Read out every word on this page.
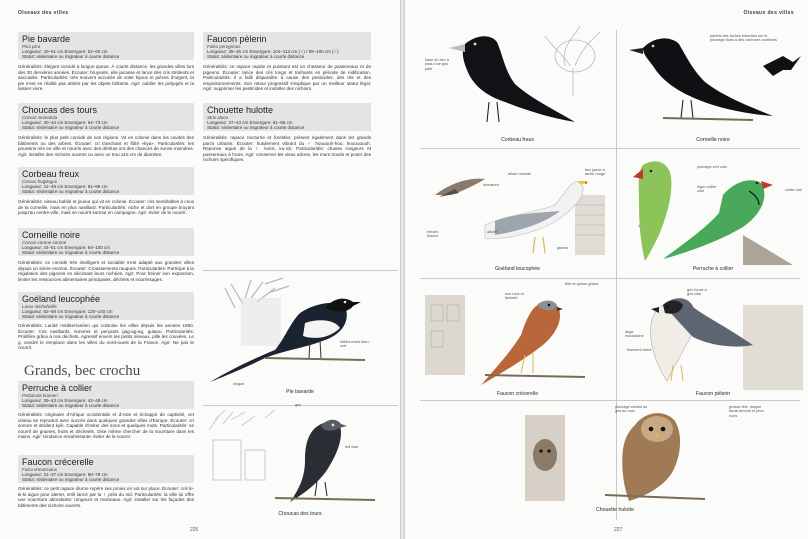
Oiseaux des villes
Pie bavarde
Pica pica
Longueur: 40–51 cm Envergure: 52–60 cm
Statut: sédentaire ou migrateur à courte distance
Généralités: élégant corvidé à longue queue. À courte distance, les grandes villes lors des 30 dernières années. Écouter: bruyante, elle jacasse et lance des cris stridents et saccadés. Particularités: très souvent accusée de voler bijoux et pièces d'argent, la pie n'est en réalité pas attirée par les objets brillants. Agir: oublier les préjugés et la laisser vivre.
Choucas des tours
Corvus monedula
Longueur: 30–34 cm Envergure: 64–73 cm
Statut: sédentaire ou migrateur à courte distance
Généralités: le plus petit corvidé de nos régions. Vit en colonie dans les cavités des bâtiments ou des arbres. Écouter: cri tranchant et flûté «kya». Particularités: les poussins nés en ville et nourris avec des détritus ont des chances de survie moindres. Agir: installer des nichoirs ouverts ou avec un trou ≥15 cm de diamètre.
Corbeau freux
Corvus frugilegus
Longueur: 41–49 cm Envergure: 81–99 cm
Statut: sédentaire ou migrateur à courte distance
Généralités: oiseau habile et joueur qui vit en colonie. Écouter: cris semblables à ceux de la corneille, mais en plus nasillard. Particularités: niche et dort en groupe bruyant jusqu'au centre-ville, mais se nourrit surtout en campagne. Agir: éviter de le nourrir.
Corneille noire
Corvus corone corone
Longueur: 44–51 cm Envergure: 84–100 cm
Statut: sédentaire ou migrateur à courte distance
Généralités: ce corvidé très intelligent et sociable s'est adapté aux grandes villes depuis un siècle environ. Écouter: Croassements rauques. Particularités: Participe à la régulation des pigeons en décimant leurs nichées. Agir: Pour freiner son expansion, limiter les ressources alimentaires principales; déchets et nourrissages.
Goéland leucophée
Larus michahellis
Longueur: 52–58 cm Envergure: 120–140 cm
Statut: sédentaire ou migrateur à courte distance
Généralités: Laridé méditerranéen qui colonise les villes depuis les années 1960. Écouter: Cris nasillards, sonores et perçants gag-ag-ag, gulaou. Particularités: Prolifère grâce à nos déchets. Agressif envers les petits oiseaux, pille les couvées. Le g. cendré le remplace dans les villes du nord-ouest de la France. Agir: Ne pas le nourrir.
Grands, bec crochu
Perruche à collier
Psittacula krameri
Longueur: 39–43 cm Envergure: 42–48 cm
Statut: sédentaire ou migrateur à courte distance
Généralités: originaire d'Afrique occidentale et d'Asie et échappé de captivité, cet oiseau se reproduit avec succès dans quelques grandes villes d'Europe. Écouter: cri sonore et strident kyik. Capable d'imiter des sons et quelques mots. Particularités: se nourrit de graines, fruits et décheels. Oise même chercher de la nourriture dans les mains. Agir: tendance envahissante: éviter de la nourrir.
Faucon crécerelle
Falco tinnunculus
Longueur: 31–37 cm Envergure: 68–78 cm
Statut: sédentaire ou migrateur à courte distance
Généralités: ce petit rapace diurne repère ses proies en vol sur place. Écouter: cris ki-ki-ki aigus pour alerter, vrrill lancé par la ♀ près du nid. Particularités: la ville lui offre une nourriture abondante: rongeurs et moineaux. Agir: installer sur les façades des bâtiments des nichoirs ouverts.
Faucon pèlerin
Falco peregrinus
Longueur: 38–45 cm Envergure: 104–113 cm (♀) / 89–100 cm (♂)
Statut: sédentaire ou migrateur à courte distance
Généralités: ce rapace rapide et puissant est un chasseur de passereaux et de pigeons. Écouter: lance des cris longs et traînants en période de nidification. Particularités: il a failli disparaître à cause des pesticides, des tirs et des empoisonnements. Son retour progressif s'explique par un meilleur statut légal. Agir: supprimer les pesticides et installer des nichoirs.
Chouette hulotte
Strix aluco
Longueur: 37–43 cm Envergure: 81–96 cm
Statut: sédentaire ou migrateur à courte distance
Généralités: rapace nocturne et forestier, présent également dans les grands parcs urbains. Écouter: hululement vibrant du ♂ houuouh-hou, houououuh. Réponse aiguë de la ♀ kvick, ku-ick. Particularités: chasse rongeurs et passereaux à l'ouïe. Agir: conserver les vieux arbres, les murs troués et poser des nichoirs spécifiques.
reflets irisés bleu-vert
longue
Pie bavarde
gris
œil clair
Choucas des tours
226
Oiseaux des villes
base du bec à peau nue gris pâle
Corbeau freux
parfois des taches blanches sur le plumage dues à des carences nutritives
Corneille noire
allure robuste
immature
bec jaune à tache rouge
miroirs blancs
adulte
jaunes
Goéland leucophée
plumage vert clair
léger collier clair
♀
collier noir
Perruche à collier
dos roux et tacheté
tête et queue grises
Faucon crécerelle
gris foncé à gris clair
large moustache
finement barré
Faucon pèlerin
plumage variant du gris au roux
grosse tête, disque facial arrondi et yeux noirs
Chouette hulotte
227
